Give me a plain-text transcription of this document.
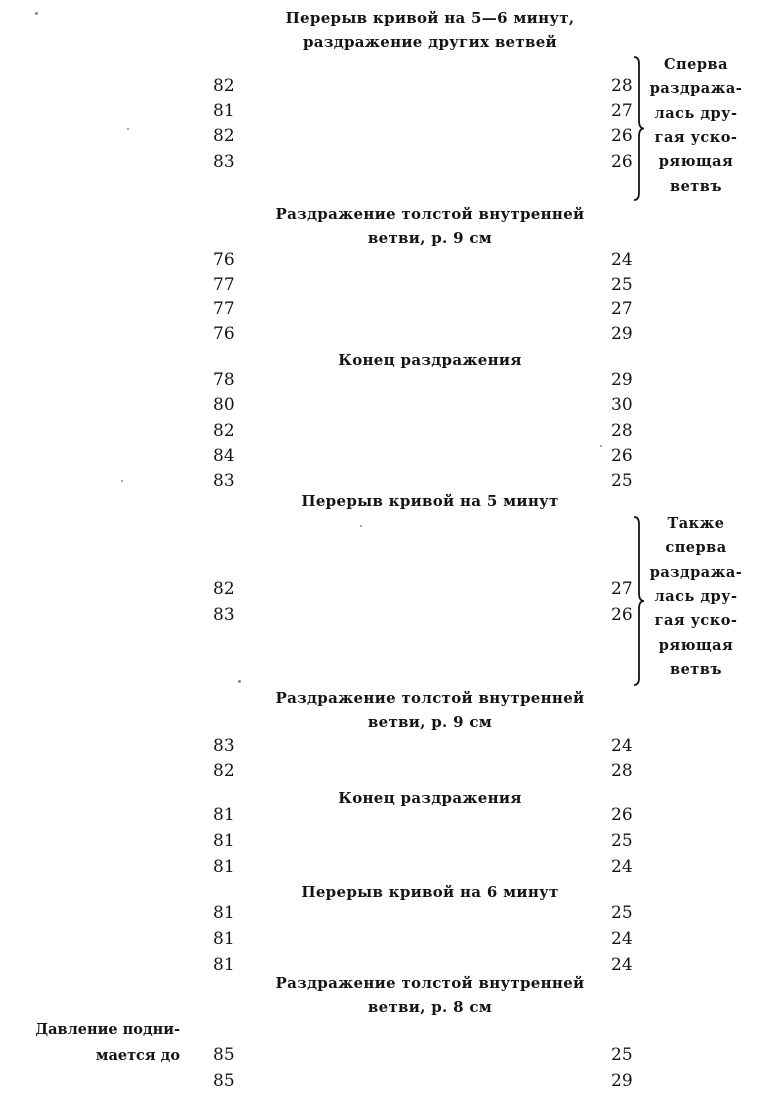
Перерыв кривой на 5—6 минут,
раздражение других ветвей
82	28
81	27
82	26
83	26
Сперва
раздража-
лась дру-
гая уско-
ряющая
ветвъ
Раздражение толстой внутренней
ветви, р. 9 см
76	24
77	25
77	27
76	29
Конец раздражения
78	29
80	30
82	28
84	26
83	25
Перерыв кривой на 5 минут
82	27
83	26
Также
сперва
раздража-
лась дру-
гая уско-
ряющая
ветвъ
Раздражение толстой внутренней
ветви, р. 9 см
83	24
82	28
Конец раздражения
81	26
81	25
81	24
Перерыв кривой на 6 минут
81	25
81	24
81	24
Раздражение толстой внутренней
ветви, р. 8 см
85	25
85	29
Давление подни-
мается до
